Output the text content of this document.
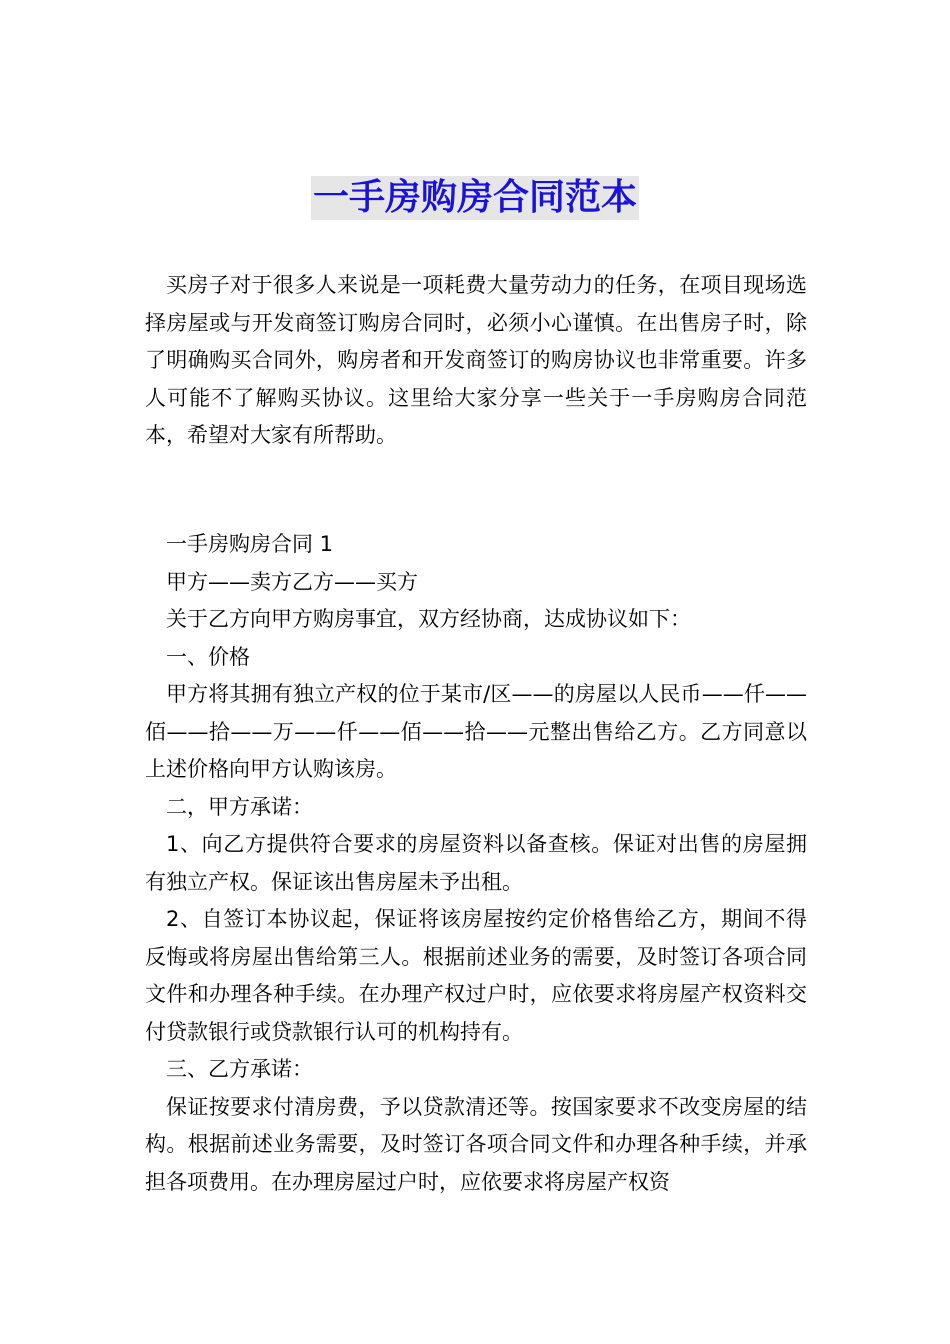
一手房购房合同范本

买房子对于很多人来说是一项耗费大量劳动力的任务，在项目现场选择房屋或与开发商签订购房合同时，必须小心谨慎。在出售房子时，除了明确购买合同外，购房者和开发商签订的购房协议也非常重要。许多人可能不了解购买协议。这里给大家分享一些关于一手房购房合同范本，希望对大家有所帮助。

一手房购房合同 1

甲方——卖方乙方——买方

关于乙方向甲方购房事宜，双方经协商，达成协议如下：

一、价格

甲方将其拥有独立产权的位于某市/区——的房屋以人民币——仟——佰——拾——万——仟——佰——拾——元整出售给乙方。乙方同意以上述价格向甲方认购该房。

二，甲方承诺：

1、向乙方提供符合要求的房屋资料以备查核。保证对出售的房屋拥有独立产权。保证该出售房屋未予出租。

2、自签订本协议起，保证将该房屋按约定价格售给乙方，期间不得反悔或将房屋出售给第三人。根据前述业务的需要，及时签订各项合同文件和办理各种手续。在办理产权过户时，应依要求将房屋产权资料交付贷款银行或贷款银行认可的机构持有。

三、乙方承诺：

保证按要求付清房费，予以贷款清还等。按国家要求不改变房屋的结构。根据前述业务需要，及时签订各项合同文件和办理各种手续，并承担各项费用。在办理房屋过户时，应依要求将房屋产权资
